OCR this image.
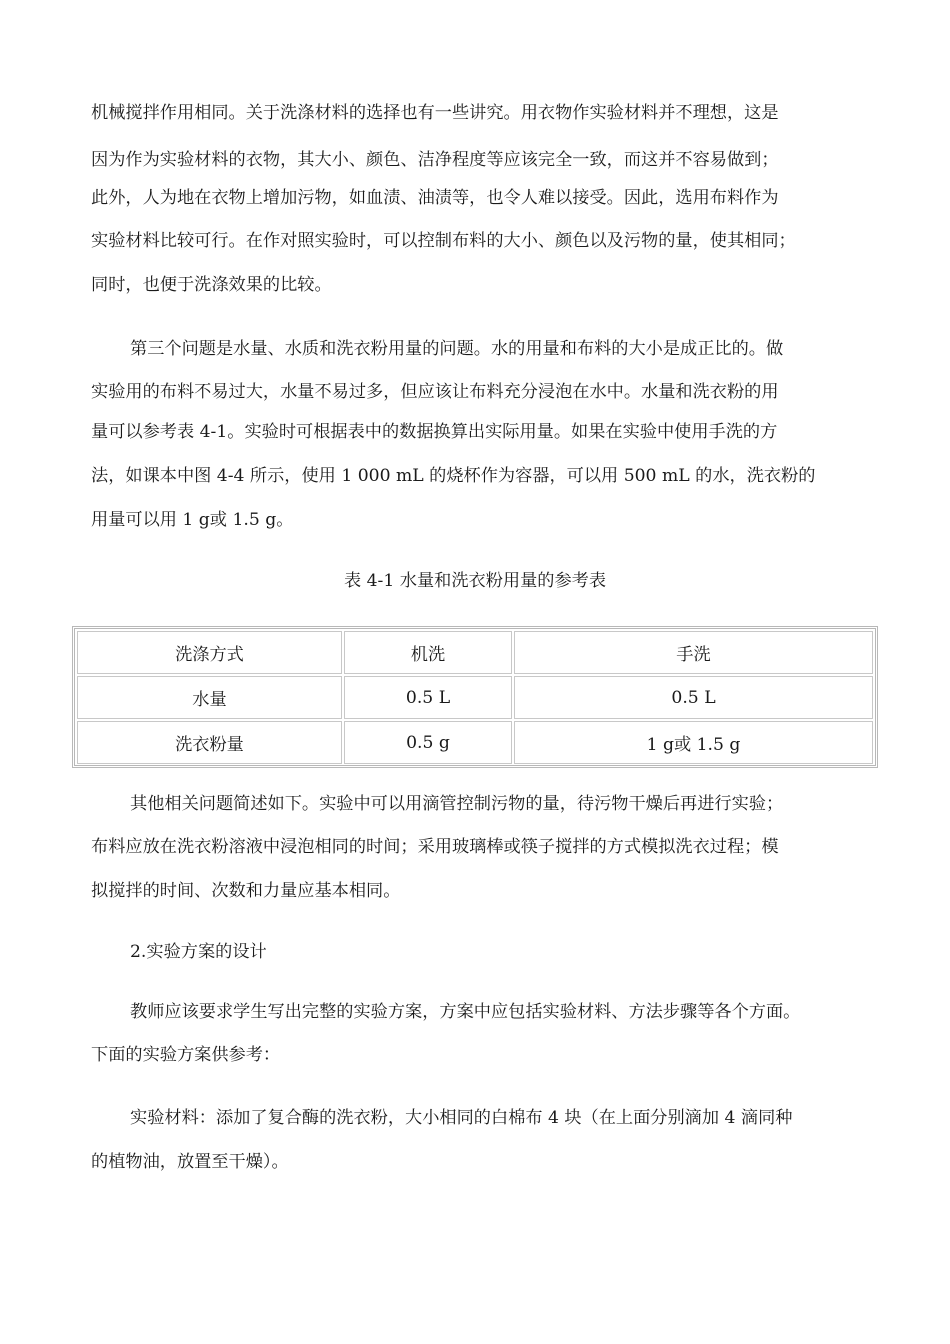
机械搅拌作用相同。关于洗涤材料的选择也有一些讲究。用衣物作实验材料并不理想，这是

因为作为实验材料的衣物，其大小、颜色、洁净程度等应该完全一致，而这并不容易做到；

此外，人为地在衣物上增加污物，如血渍、油渍等，也令人难以接受。因此，选用布料作为

实验材料比较可行。在作对照实验时，可以控制布料的大小、颜色以及污物的量，使其相同；

同时，也便于洗涤效果的比较。

第三个问题是水量、水质和洗衣粉用量的问题。水的用量和布料的大小是成正比的。做

实验用的布料不易过大，水量不易过多，但应该让布料充分浸泡在水中。水量和洗衣粉的用

量可以参考表 4-1。实验时可根据表中的数据换算出实际用量。如果在实验中使用手洗的方

法，如课本中图 4-4 所示，使用 1 000 mL 的烧杯作为容器，可以用 500 mL 的水，洗衣粉的

用量可以用 1 g或 1.5 g。

表 4-1 水量和洗衣粉用量的参考表

洗涤方式	机洗	手洗
水量	0.5 L	0.5 L
洗衣粉量	0.5 g	1 g或 1.5 g

其他相关问题简述如下。实验中可以用滴管控制污物的量，待污物干燥后再进行实验；

布料应放在洗衣粉溶液中浸泡相同的时间；采用玻璃棒或筷子搅拌的方式模拟洗衣过程；模

拟搅拌的时间、次数和力量应基本相同。

2.实验方案的设计

教师应该要求学生写出完整的实验方案，方案中应包括实验材料、方法步骤等各个方面。

下面的实验方案供参考：

实验材料：添加了复合酶的洗衣粉，大小相同的白棉布 4 块（在上面分别滴加 4 滴同种

的植物油，放置至干燥）。
